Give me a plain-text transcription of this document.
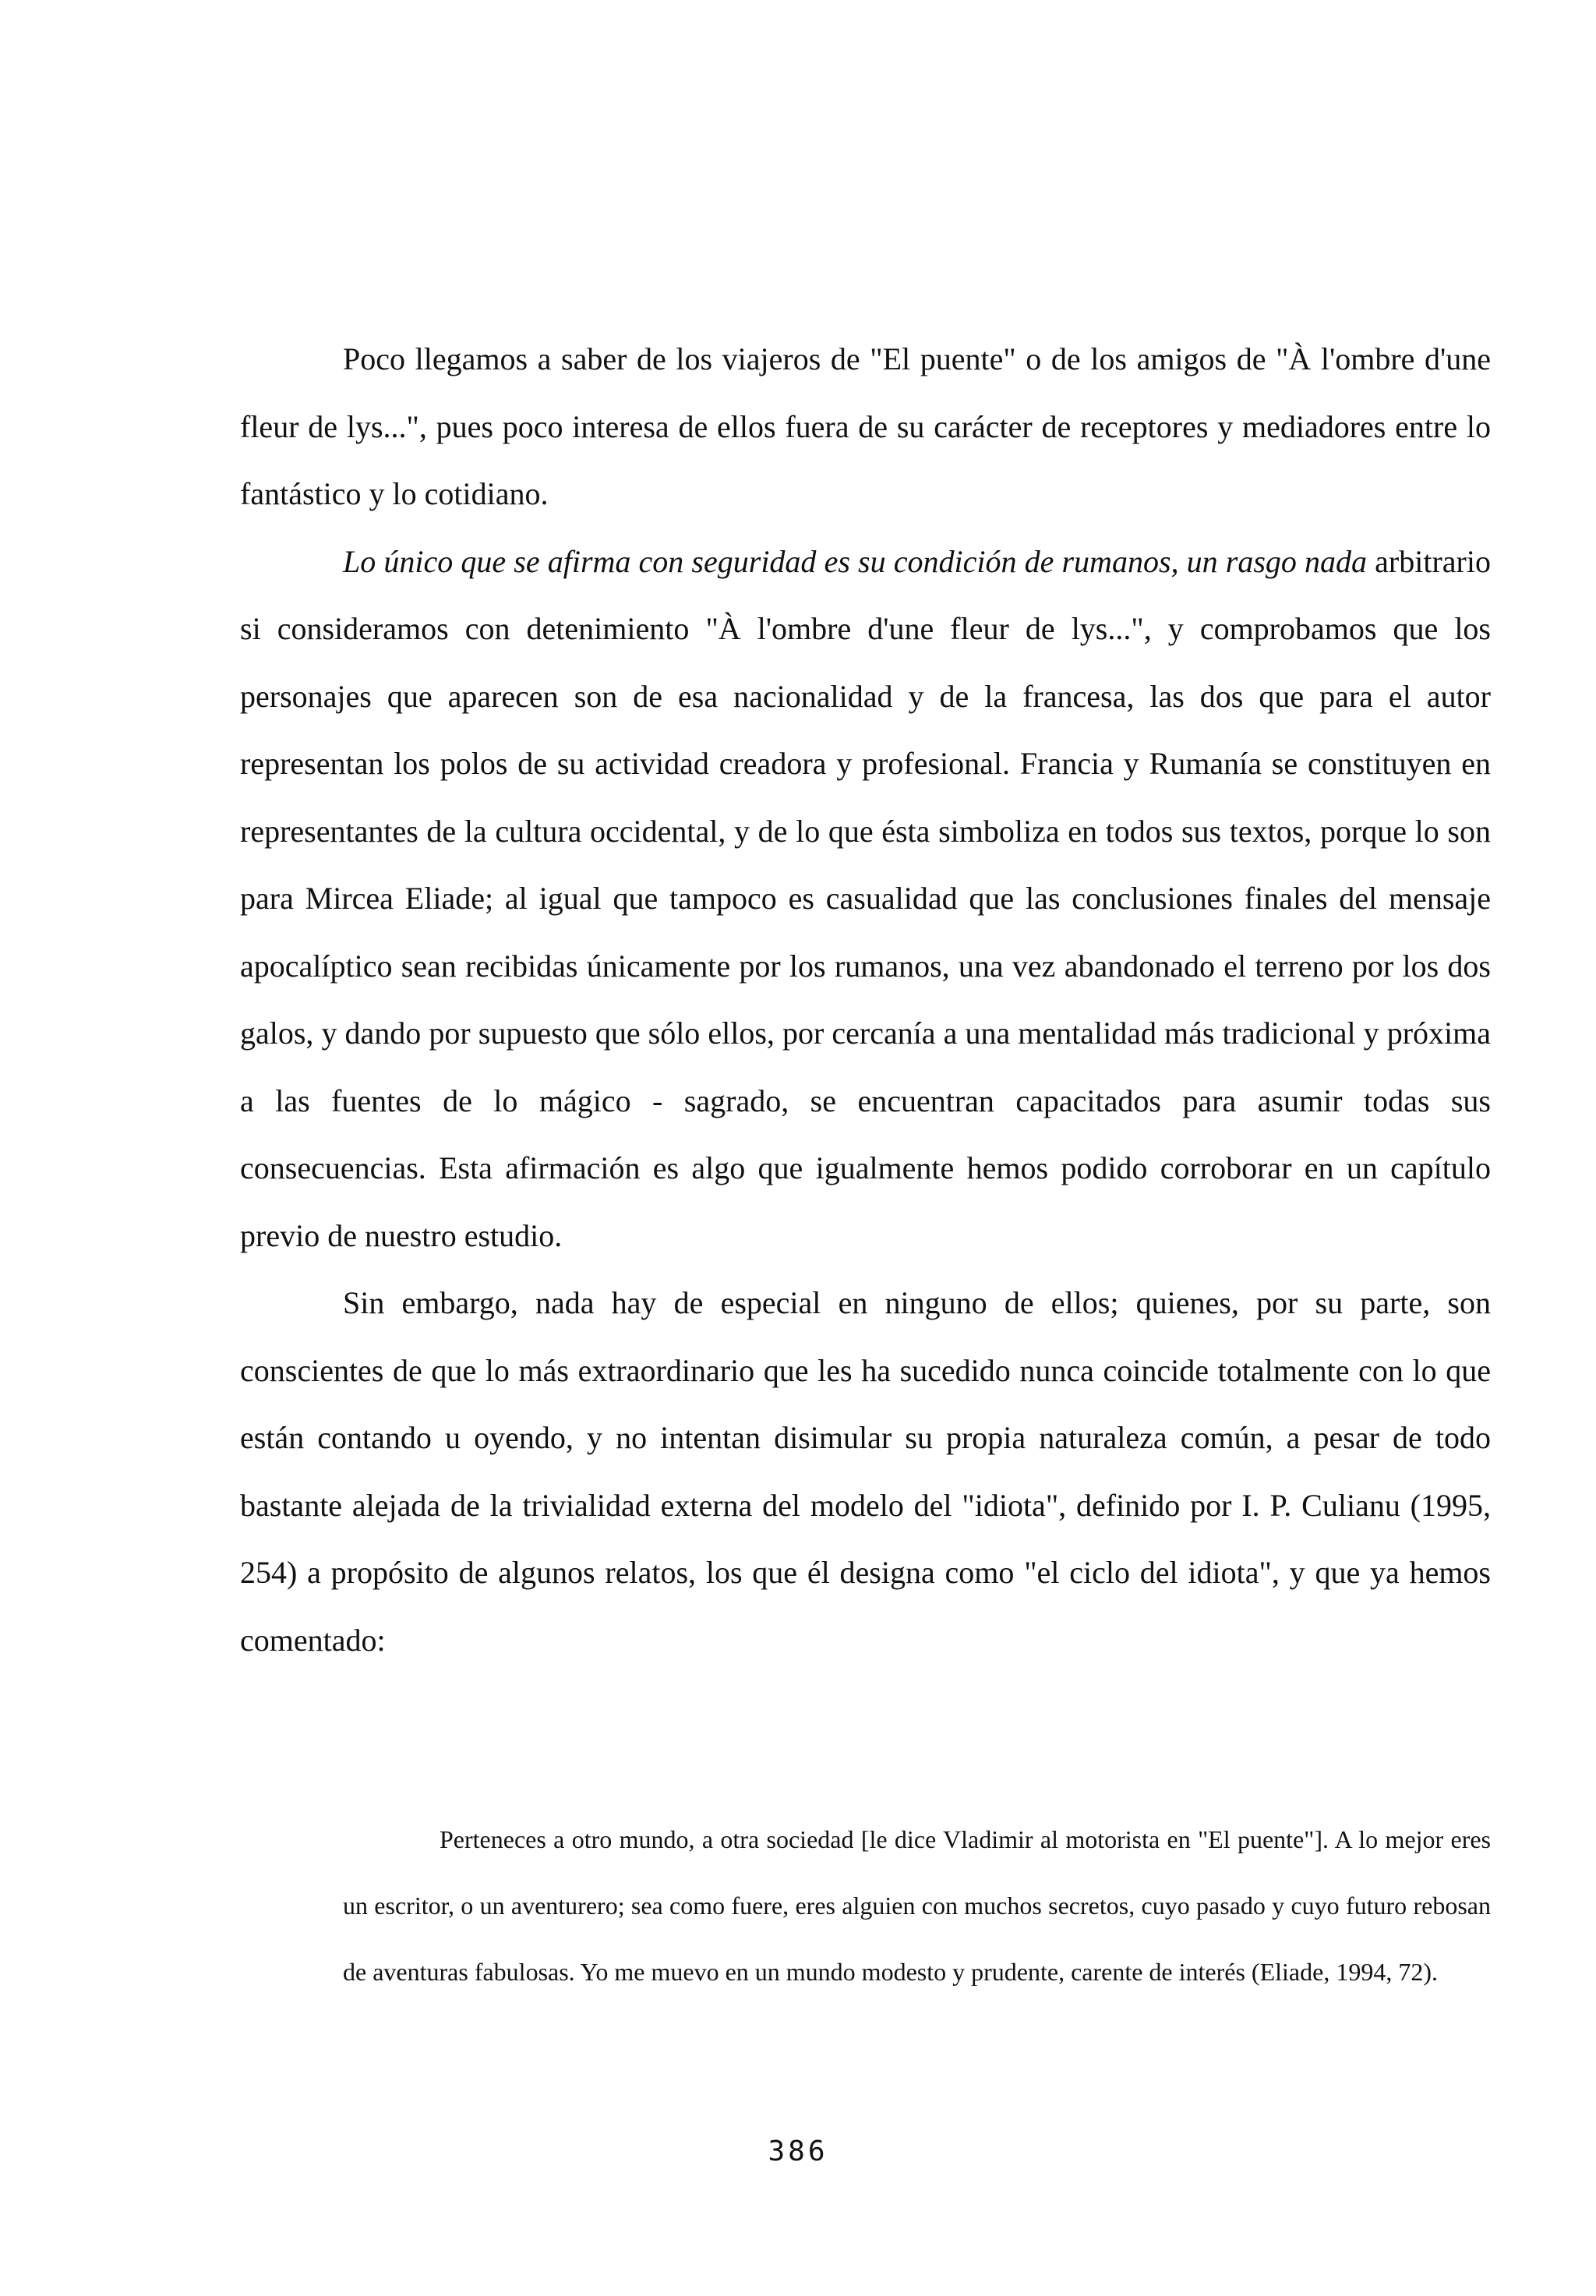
Poco llegamos a saber de los viajeros de "El puente" o de los amigos de "À l'ombre d'une fleur de lys...", pues poco interesa de ellos fuera de su carácter de receptores y mediadores entre lo fantástico y lo cotidiano.

Lo único que se afirma con seguridad es su condición de rumanos, un rasgo nada arbitrario si consideramos con detenimiento "À l'ombre d'une fleur de lys...", y comprobamos que los personajes que aparecen son de esa nacionalidad y de la francesa, las dos que para el autor representan los polos de su actividad creadora y profesional. Francia y Rumanía se constituyen en representantes de la cultura occidental, y de lo que ésta simboliza en todos sus textos, porque lo son para Mircea Eliade; al igual que tampoco es casualidad que las conclusiones finales del mensaje apocalíptico sean recibidas únicamente por los rumanos, una vez abandonado el terreno por los dos galos, y dando por supuesto que sólo ellos, por cercanía a una mentalidad más tradicional y próxima a las fuentes de lo mágico - sagrado, se encuentran capacitados para asumir todas sus consecuencias. Esta afirmación es algo que igualmente hemos podido corroborar en un capítulo previo de nuestro estudio.

Sin embargo, nada hay de especial en ninguno de ellos; quienes, por su parte, son conscientes de que lo más extraordinario que les ha sucedido nunca coincide totalmente con lo que están contando u oyendo, y no intentan disimular su propia naturaleza común, a pesar de todo bastante alejada de la trivialidad externa del modelo del "idiota", definido por I. P. Culianu (1995, 254) a propósito de algunos relatos, los que él designa como "el ciclo del idiota", y que ya hemos comentado:

Perteneces a otro mundo, a otra sociedad [le dice Vladimir al motorista en "El puente"]. A lo mejor eres un escritor, o un aventurero; sea como fuere, eres alguien con muchos secretos, cuyo pasado y cuyo futuro rebosan de aventuras fabulosas. Yo me muevo en un mundo modesto y prudente, carente de interés (Eliade, 1994, 72).

386
